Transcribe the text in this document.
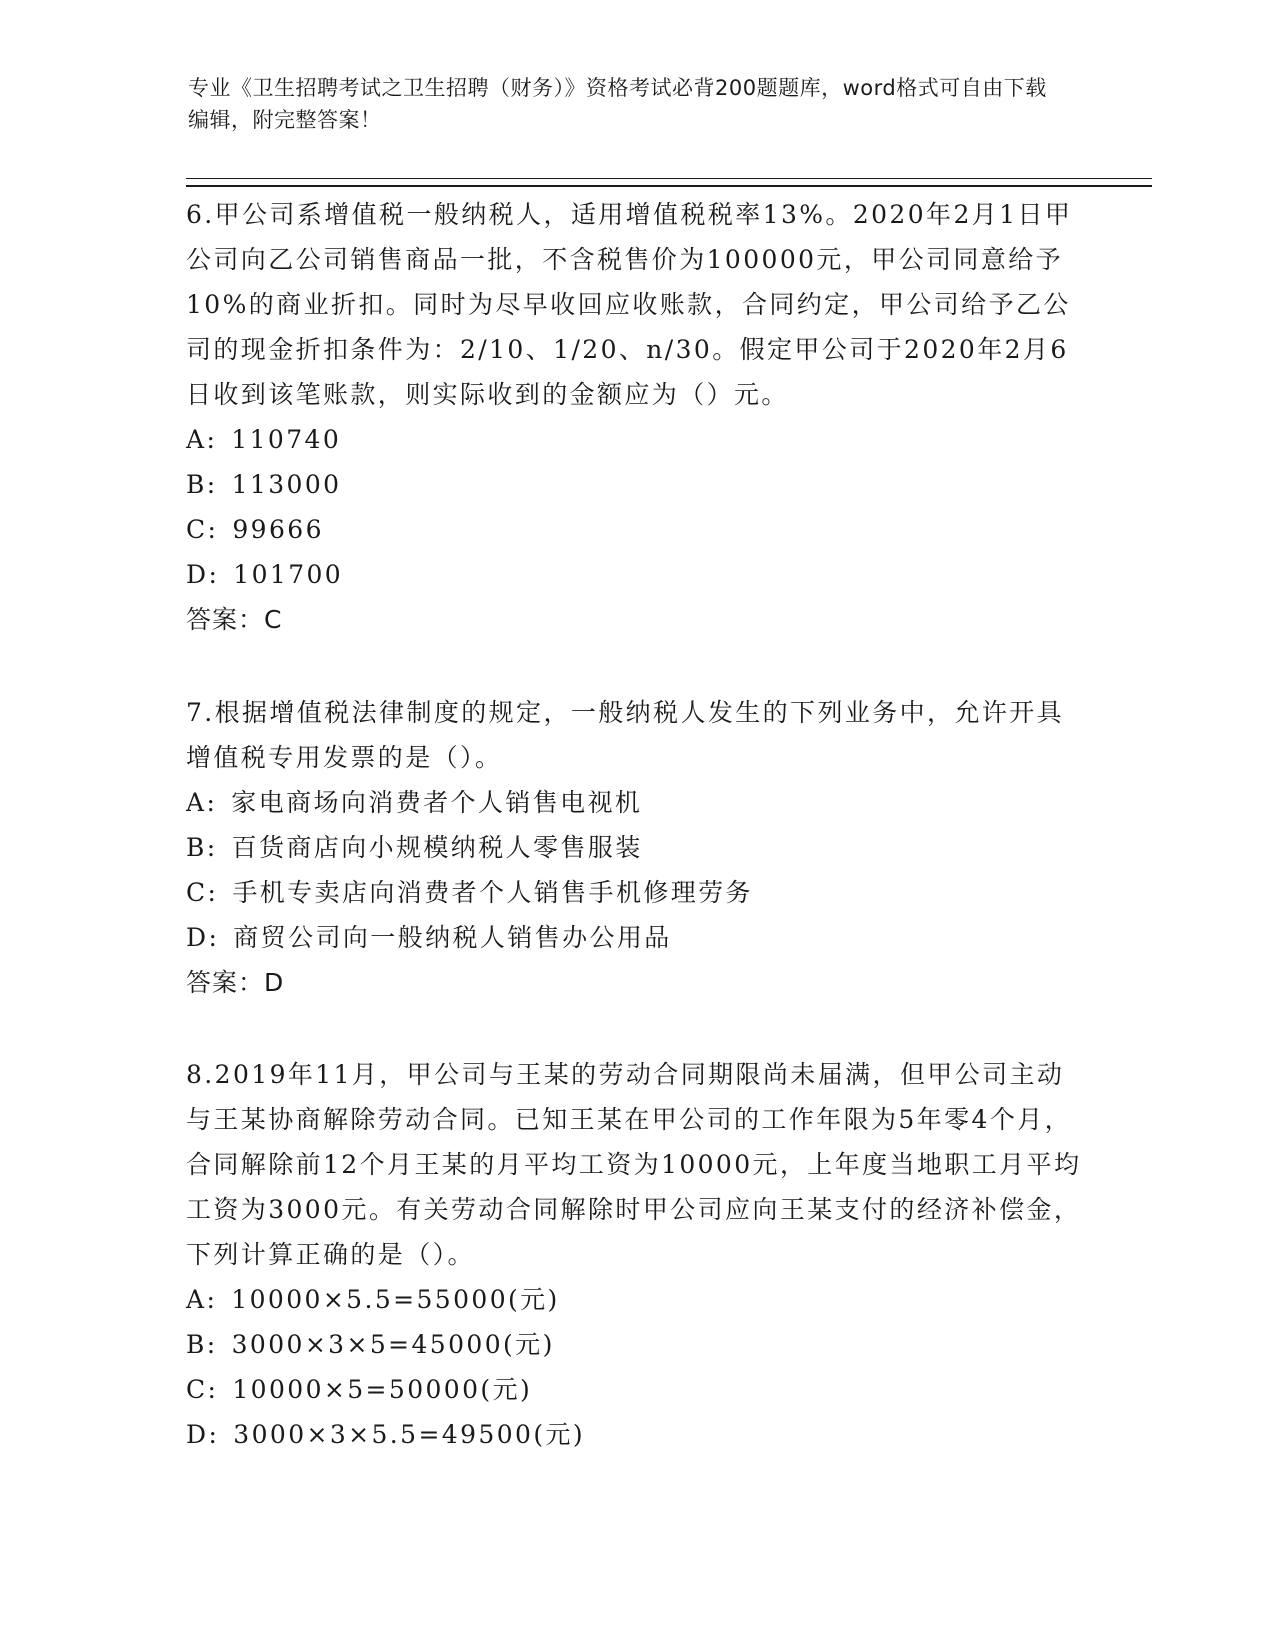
专业《卫生招聘考试之卫生招聘（财务）》资格考试必背200题题库，word格式可自由下载编辑，附完整答案！

6.甲公司系增值税一般纳税人，适用增值税税率13%。2020年2月1日甲公司向乙公司销售商品一批，不含税售价为100000元，甲公司同意给予10%的商业折扣。同时为尽早收回应收账款，合同约定，甲公司给予乙公司的现金折扣条件为：2/10、1/20、n/30。假定甲公司于2020年2月6日收到该笔账款，则实际收到的金额应为（）元。

A: 110740
B: 113000
C: 99666
D: 101700
答案：C

7.根据增值税法律制度的规定，一般纳税人发生的下列业务中，允许开具增值税专用发票的是（）。

A: 家电商场向消费者个人销售电视机
B: 百货商店向小规模纳税人零售服装
C: 手机专卖店向消费者个人销售手机修理劳务
D: 商贸公司向一般纳税人销售办公用品
答案：D

8.2019年11月，甲公司与王某的劳动合同期限尚未届满，但甲公司主动与王某协商解除劳动合同。已知王某在甲公司的工作年限为5年零4个月，合同解除前12个月王某的月平均工资为10000元，上年度当地职工月平均工资为3000元。有关劳动合同解除时甲公司应向王某支付的经济补偿金，下列计算正确的是（）。

A: 10000×5.5=55000(元)
B: 3000×3×5=45000(元)
C: 10000×5=50000(元)
D: 3000×3×5.5=49500(元)
